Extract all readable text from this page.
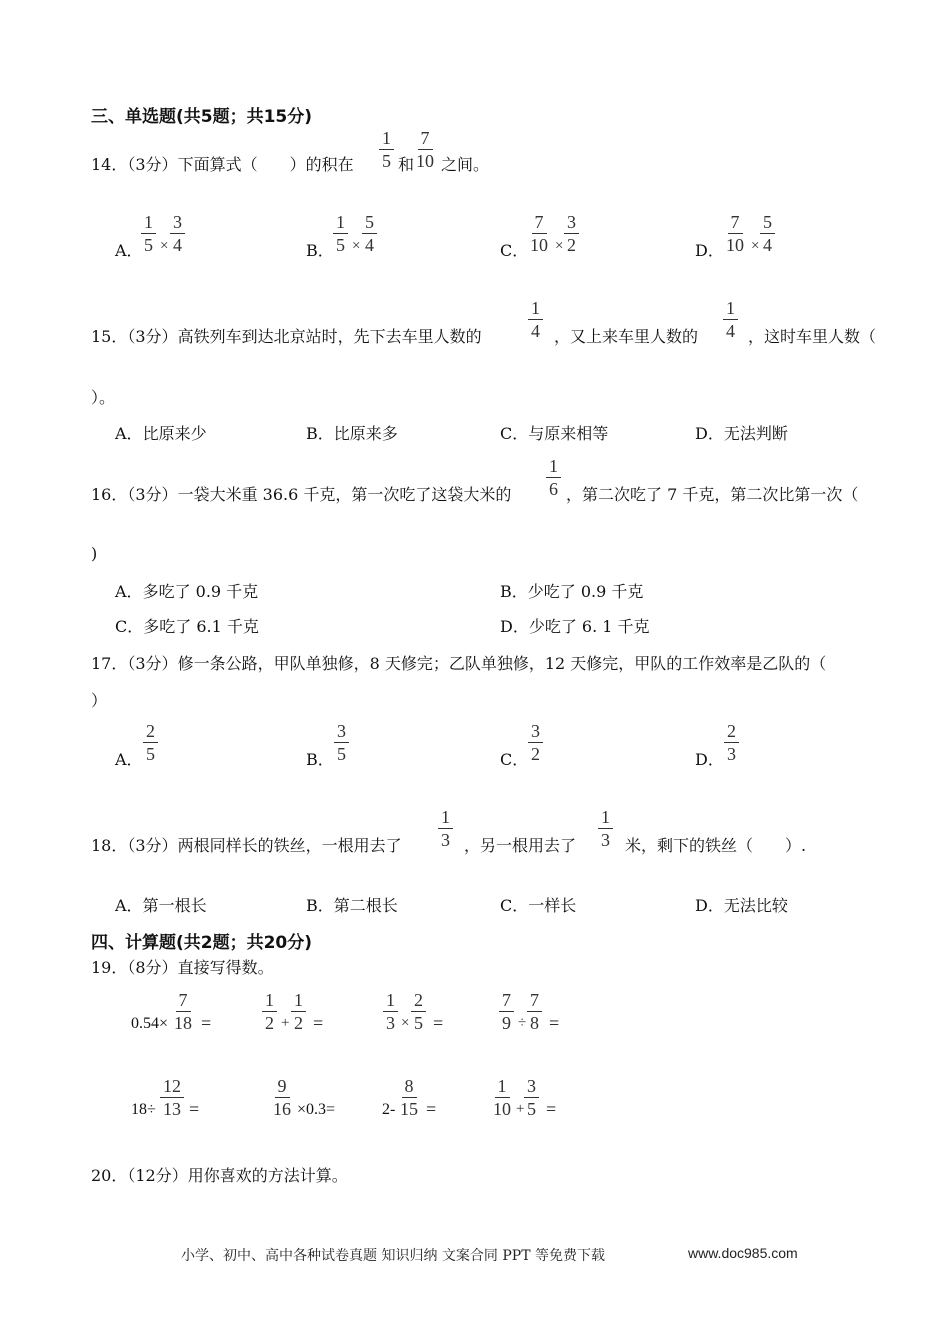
三、单选题(共5题；共15分)
14．（3分）下面算式（　　）的积在 $\frac{1}{5}$ 和
$\frac{7}{10}$ 之间。
A．
$\frac{1}{5} \times \frac{3}{4}$	B． $\frac{1}{5} \times \frac{5}{4}$	C．
$\frac{7}{10} \times \frac{3}{2}$	D． $\frac{7}{10} \times \frac{5}{4}$
15．（3分）高铁列车到达北京站时，先下去车里人数的	$\frac{1}{4}$ ，又上来车里人数的 $\frac{1}{4}$ ，这时车里人数（
）。
A．比原来少	B．比原来多	C．与原来相等	D．无法判断
16．（3分）一袋大米重 36.6 千克，第一次吃了这袋大米的 $\frac{1}{6}$ ，第二次吃了 7 千克，第二次比第一次（
)
A．多吃了 0.9 千克	B．少吃了 0.9 千克
C．多吃了 6.1 千克	D．少吃了 6. 1 千克
17．（3分）修一条公路，甲队单独修，8 天修完；乙队单独修，12 天修完，甲队的工作效率是乙队的（
）
A． $\frac{2}{5}$	B． $\frac{3}{5}$	C． $\frac{3}{2}$	D． $\frac{2}{3}$
18．（3分）两根同样长的铁丝，一根用去了 $\frac{1}{3}$ ，另一根用去了 $\frac{1}{3}$ 米，剩下的铁丝（　　）.
A．第一根长	B．第二根长	C．一样长	D．无法比较
四、计算题(共2题；共20分)
19．（8分）直接写得数。
$0.54\times \frac{7}{18}$ =	$\frac{1}{2} + \frac{1}{2}$ =	$\frac{1}{3} \times \frac{2}{5}$ =	$\frac{7}{9} \div \frac{7}{8}$ =
$18\div \frac{12}{13}$ =	$\frac{9}{16} \times 0.3=$	$2- \frac{8}{15}$ =	$\frac{1}{10} + \frac{3}{5}$ =
20．（12分）用你喜欢的方法计算。
小学、初中、高中各种试卷真题 知识归纳 文案合同 PPT 等免费下载	www.doc985.com
